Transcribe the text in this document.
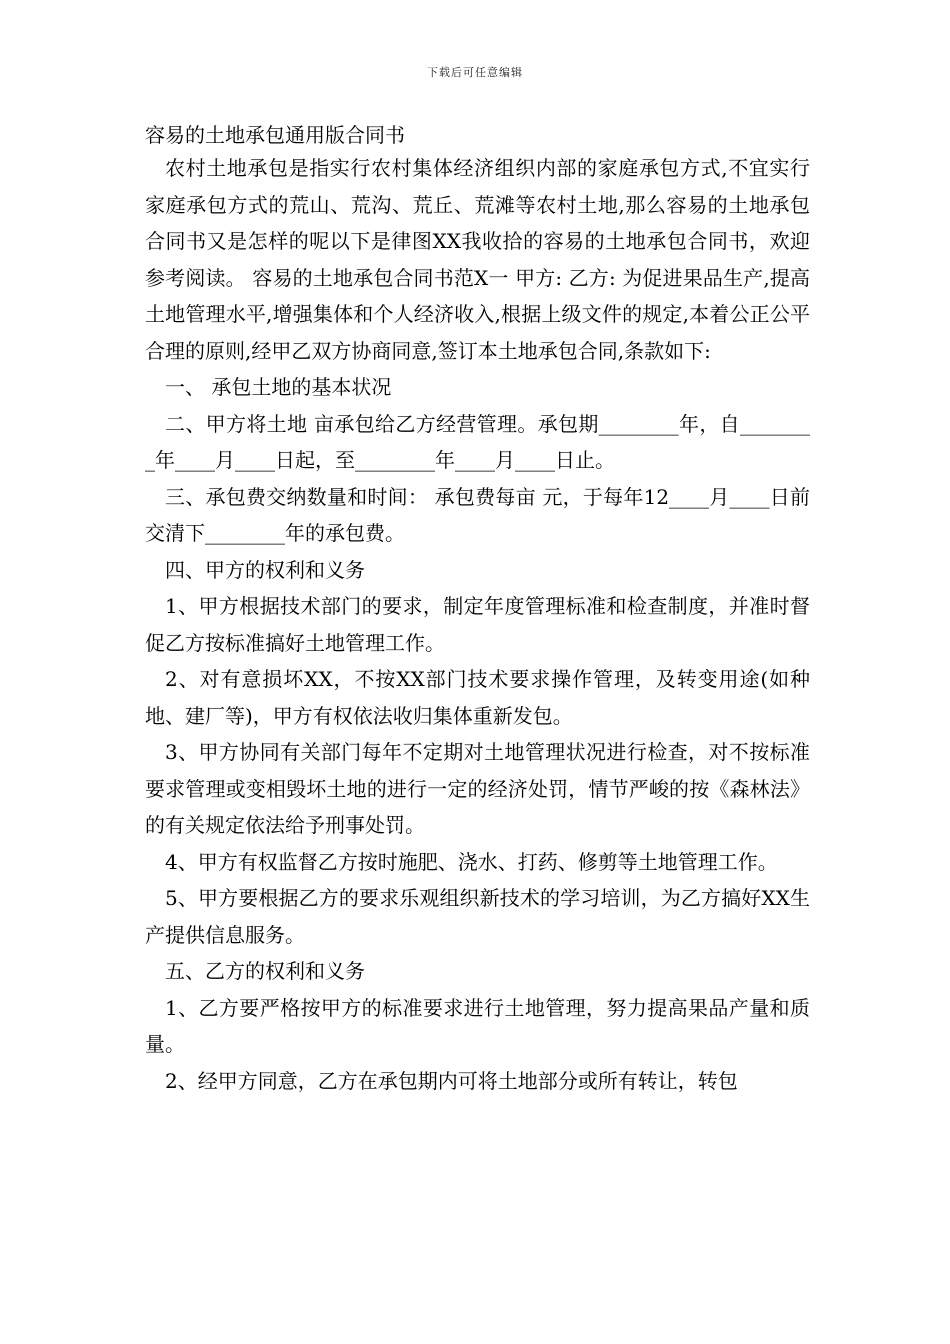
下载后可任意编辑
容易的土地承包通用版合同书

农村土地承包是指实行农村集体经济组织内部的家庭承包方式,不宜实行家庭承包方式的荒山、荒沟、荒丘、荒滩等农村土地,那么容易的土地承包合同书又是怎样的呢以下是律图XX我收拾的容易的土地承包合同书，欢迎参考阅读。 容易的土地承包合同书范X一 甲方: 乙方: 为促进果品生产,提高土地管理水平,增强集体和个人经济收入,根据上级文件的规定,本着公正公平合理的原则,经甲乙双方协商同意,签订本土地承包合同,条款如下:

一、 承包土地的基本状况

二、甲方将土地 亩承包给乙方经营管理。承包期________年，自________年____月____日起，至________年____月____日止。

三、承包费交纳数量和时间： 承包费每亩 元，于每年12____月____日前交清下________年的承包费。

四、甲方的权利和义务

1、甲方根据技术部门的要求，制定年度管理标准和检查制度，并准时督促乙方按标准搞好土地管理工作。

2、对有意损坏XX，不按XX部门技术要求操作管理，及转变用途(如种地、建厂等)，甲方有权依法收归集体重新发包。

3、甲方协同有关部门每年不定期对土地管理状况进行检查，对不按标准要求管理或变相毁坏土地的进行一定的经济处罚，情节严峻的按《森林法》的有关规定依法给予刑事处罚。

4、甲方有权监督乙方按时施肥、浇水、打药、修剪等土地管理工作。

5、甲方要根据乙方的要求乐观组织新技术的学习培训，为乙方搞好XX生产提供信息服务。

五、乙方的权利和义务

1、乙方要严格按甲方的标准要求进行土地管理，努力提高果品产量和质量。

2、经甲方同意，乙方在承包期内可将土地部分或所有转让，转包
